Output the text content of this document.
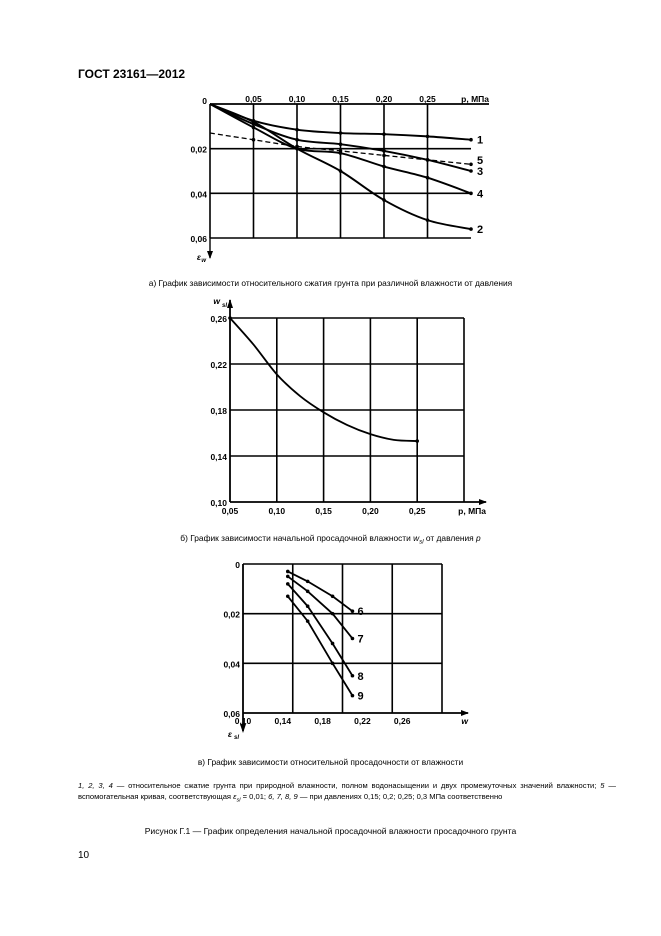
ГОСТ 23161—2012
0,05	0,10	0,15	0,20	0,25	р, МПа
0
0,02
0,04
0,06
ε w
1
2
3
4
5
а) График зависимости относительного сжатия грунта при различной влажности от давления
0,05	0,10	0,15	0,20	0,25	р, МПа
0,26
0,22
0,18
0,14
0,10
w sl
б) График зависимости начальной просадочной влажности $w_{sl}$ от давления р
0,10	0,14	0,18	0,22	0,26	w
0
0,02
0,04
0,06
ε sl
6
7
8
9
в) График зависимости относительной просадочности от влажности
1, 2, 3, 4 — относительное сжатие грунта при природной влажности, полном водонасыщении и двух промежуточных значений влажности; 5 — вспомогательная кривая, соответствующая $\varepsilon_{sl} = 0,01$; 6, 7, 8, 9 — при давлениях 0,15; 0,2; 0,25; 0,3 МПа соответственно
Рисунок Г.1 — График определения начальной просадочной влажности просадочного грунта
10
